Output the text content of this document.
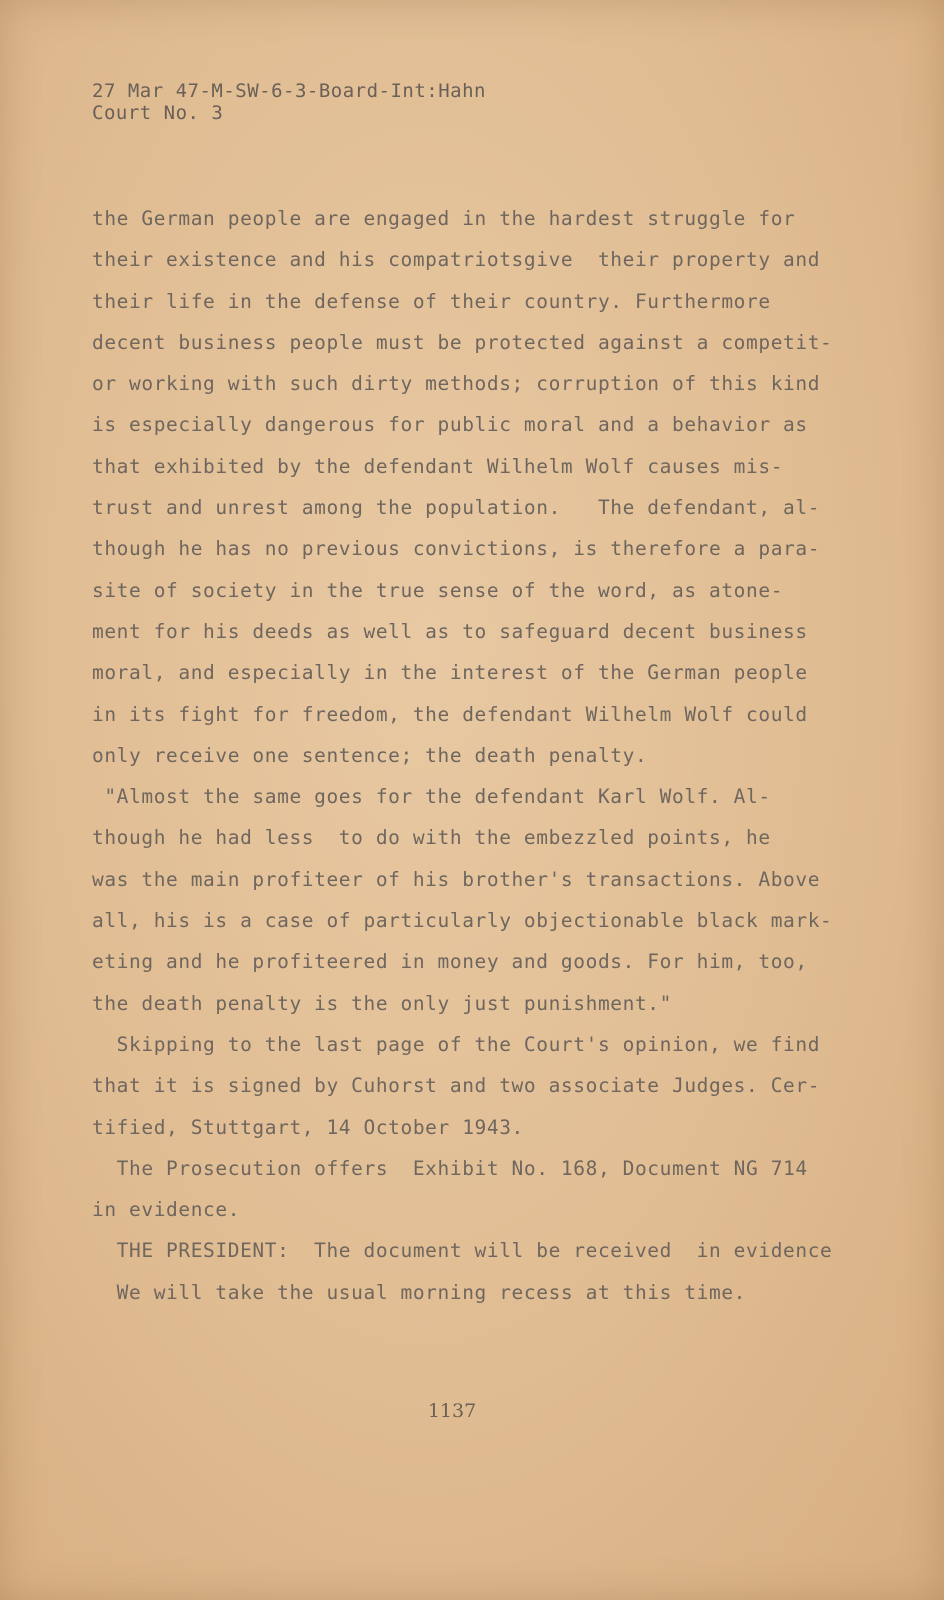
27 Mar 47-M-SW-6-3-Board-Int:Hahn
Court No. 3
the German people are engaged in the hardest struggle for
their existence and his compatriotsgive  their property and
their life in the defense of their country. Furthermore
decent business people must be protected against a competit-
or working with such dirty methods; corruption of this kind
is especially dangerous for public moral and a behavior as
that exhibited by the defendant Wilhelm Wolf causes mis-
trust and unrest among the population.   The defendant, al-
though he has no previous convictions, is therefore a para-
site of society in the true sense of the word, as atone-
ment for his deeds as well as to safeguard decent business
moral, and especially in the interest of the German people
in its fight for freedom, the defendant Wilhelm Wolf could
only receive one sentence; the death penalty.
"Almost the same goes for the defendant Karl Wolf. Al-
though he had less  to do with the embezzled points, he
was the main profiteer of his brother's transactions. Above
all, his is a case of particularly objectionable black mark-
eting and he profiteered in money and goods. For him, too,
the death penalty is the only just punishment."
Skipping to the last page of the Court's opinion, we find
that it is signed by Cuhorst and two associate Judges. Cer-
tified, Stuttgart, 14 October 1943.
The Prosecution offers  Exhibit No. 168, Document NG 714
in evidence.
THE PRESIDENT:  The document will be received  in evidence
We will take the usual morning recess at this time.
1137
